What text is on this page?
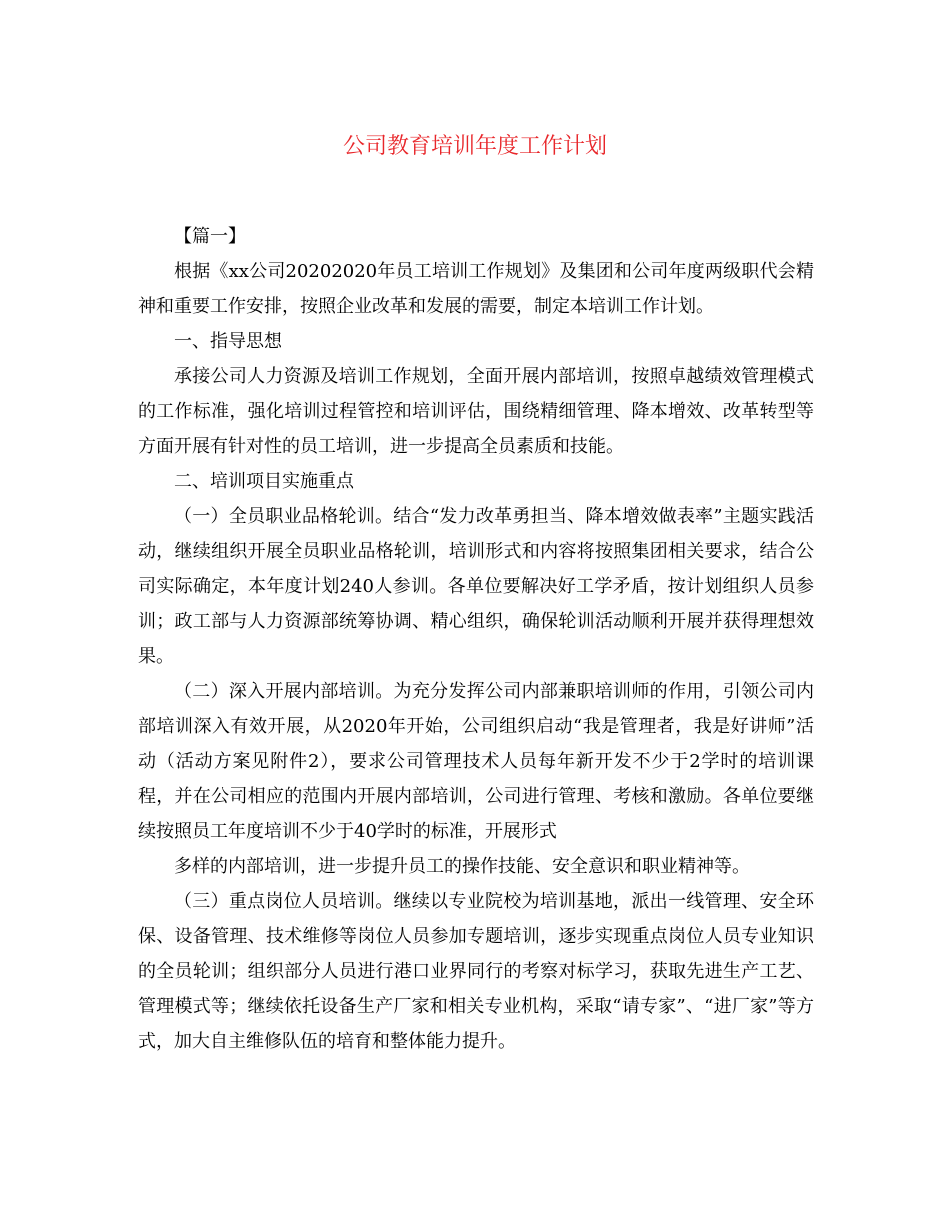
公司教育培训年度工作计划

【篇一】

根据《xx公司20202020年员工培训工作规划》及集团和公司年度两级职代会精神和重要工作安排，按照企业改革和发展的需要，制定本培训工作计划。

一、指导思想

承接公司人力资源及培训工作规划，全面开展内部培训，按照卓越绩效管理模式的工作标准，强化培训过程管控和培训评估，围绕精细管理、降本增效、改革转型等方面开展有针对性的员工培训，进一步提高全员素质和技能。

二、培训项目实施重点

（一）全员职业品格轮训。结合“发力改革勇担当、降本增效做表率”主题实践活动，继续组织开展全员职业品格轮训，培训形式和内容将按照集团相关要求，结合公司实际确定，本年度计划240人参训。各单位要解决好工学矛盾，按计划组织人员参训；政工部与人力资源部统筹协调、精心组织，确保轮训活动顺利开展并获得理想效果。

（二）深入开展内部培训。为充分发挥公司内部兼职培训师的作用，引领公司内部培训深入有效开展，从2020年开始，公司组织启动“我是管理者，我是好讲师”活动（活动方案见附件2），要求公司管理技术人员每年新开发不少于2学时的培训课程，并在公司相应的范围内开展内部培训，公司进行管理、考核和激励。各单位要继续按照员工年度培训不少于40学时的标准，开展形式

多样的内部培训，进一步提升员工的操作技能、安全意识和职业精神等。

（三）重点岗位人员培训。继续以专业院校为培训基地，派出一线管理、安全环保、设备管理、技术维修等岗位人员参加专题培训，逐步实现重点岗位人员专业知识的全员轮训；组织部分人员进行港口业界同行的考察对标学习，获取先进生产工艺、管理模式等；继续依托设备生产厂家和相关专业机构，采取“请专家”、“进厂家”等方式，加大自主维修队伍的培育和整体能力提升。
